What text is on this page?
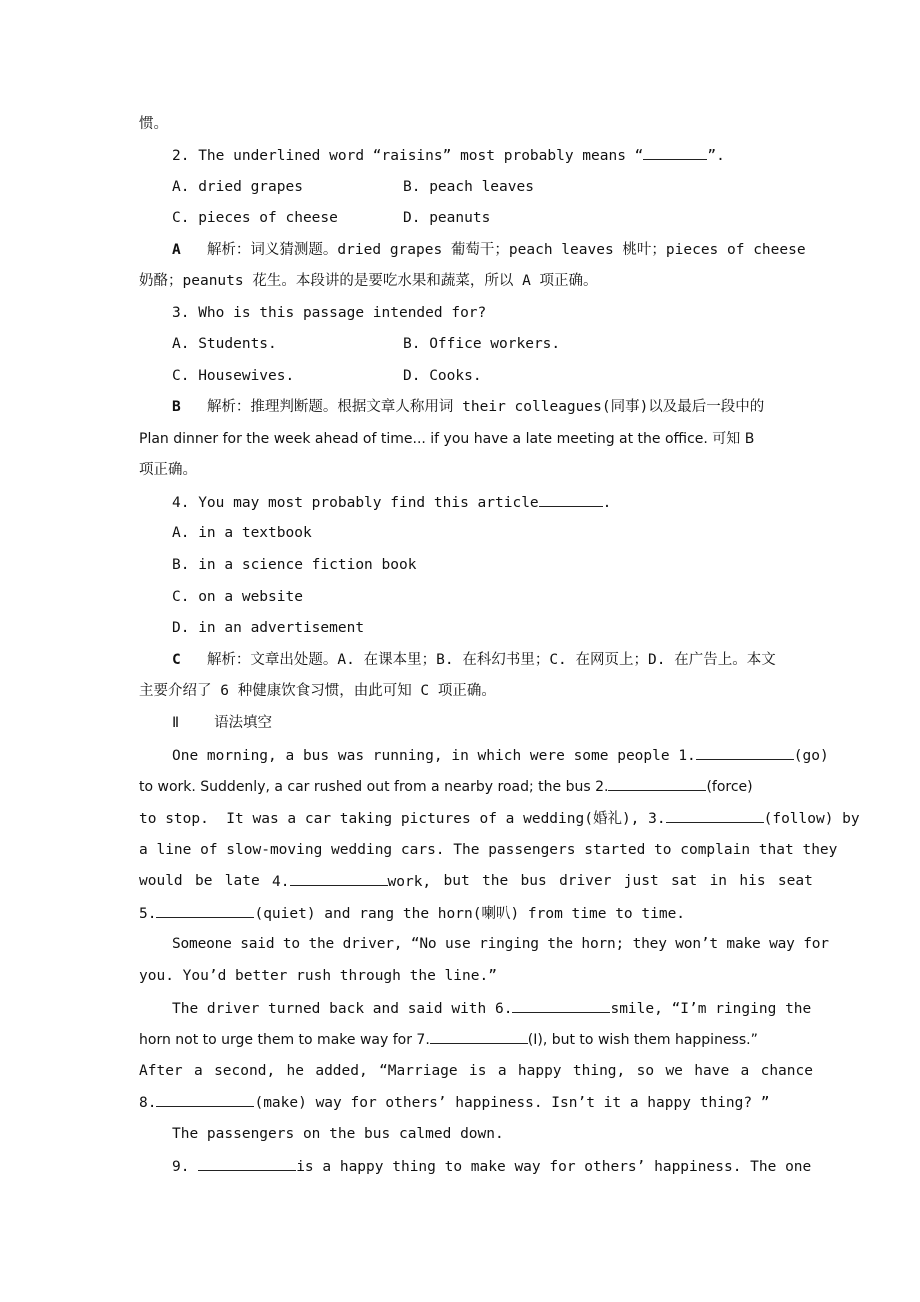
惯。
2. The underlined word “raisins” most probably means “	”.
A. dried grapes	B. peach leaves
C. pieces of cheese	D. peanuts
A 解析：词义猜测题。dried grapes 葡萄干；peach leaves 桃叶；pieces of cheese
奶酪；peanuts 花生。本段讲的是要吃水果和蔬菜，所以 A 项正确。
3. Who is this passage intended for?
A. Students.	B. Office workers.
C. Housewives.	D. Cooks.
B 解析：推理判断题。根据文章人称用词 their colleagues(同事)以及最后一段中的
Plan dinner for the week ahead of time... if you have a late meeting at the office. 可知 B
项正确。
4. You may most probably find this article	.
A. in a textbook
B. in a science fiction book
C. on a website
D. in an advertisement
C 解析：文章出处题。A. 在课本里；B. 在科幻书里；C. 在网页上；D. 在广告上。本文
主要介绍了 6 种健康饮食习惯，由此可知 C 项正确。
Ⅱ 语法填空
One morning, a bus was running, in which were some people 1.	(go)
to work. Suddenly, a car rushed out from a nearby road; the bus 2.	(force)
to stop.  It was a car taking pictures of a wedding(婚礼), 3.	(follow) by
a line of slow-moving wedding cars. The passengers started to complain that they
would be late 4.	work, but the bus driver just sat in his seat
5.	(quiet) and rang the horn(喇叭) from time to time.
Someone said to the driver, “No use ringing the horn; they won’t make way for
you. You’d better rush through the line.”
The driver turned back and said with 6.	smile, “I’m ringing the
horn not to urge them to make way for 7.	(I), but to wish them happiness.”
After a second, he added, “Marriage is a happy thing, so we have a chance
8.	(make) way for others’ happiness. Isn’t it a happy thing? ”
The passengers on the bus calmed down.
9.	is a happy thing to make way for others’ happiness. The one
